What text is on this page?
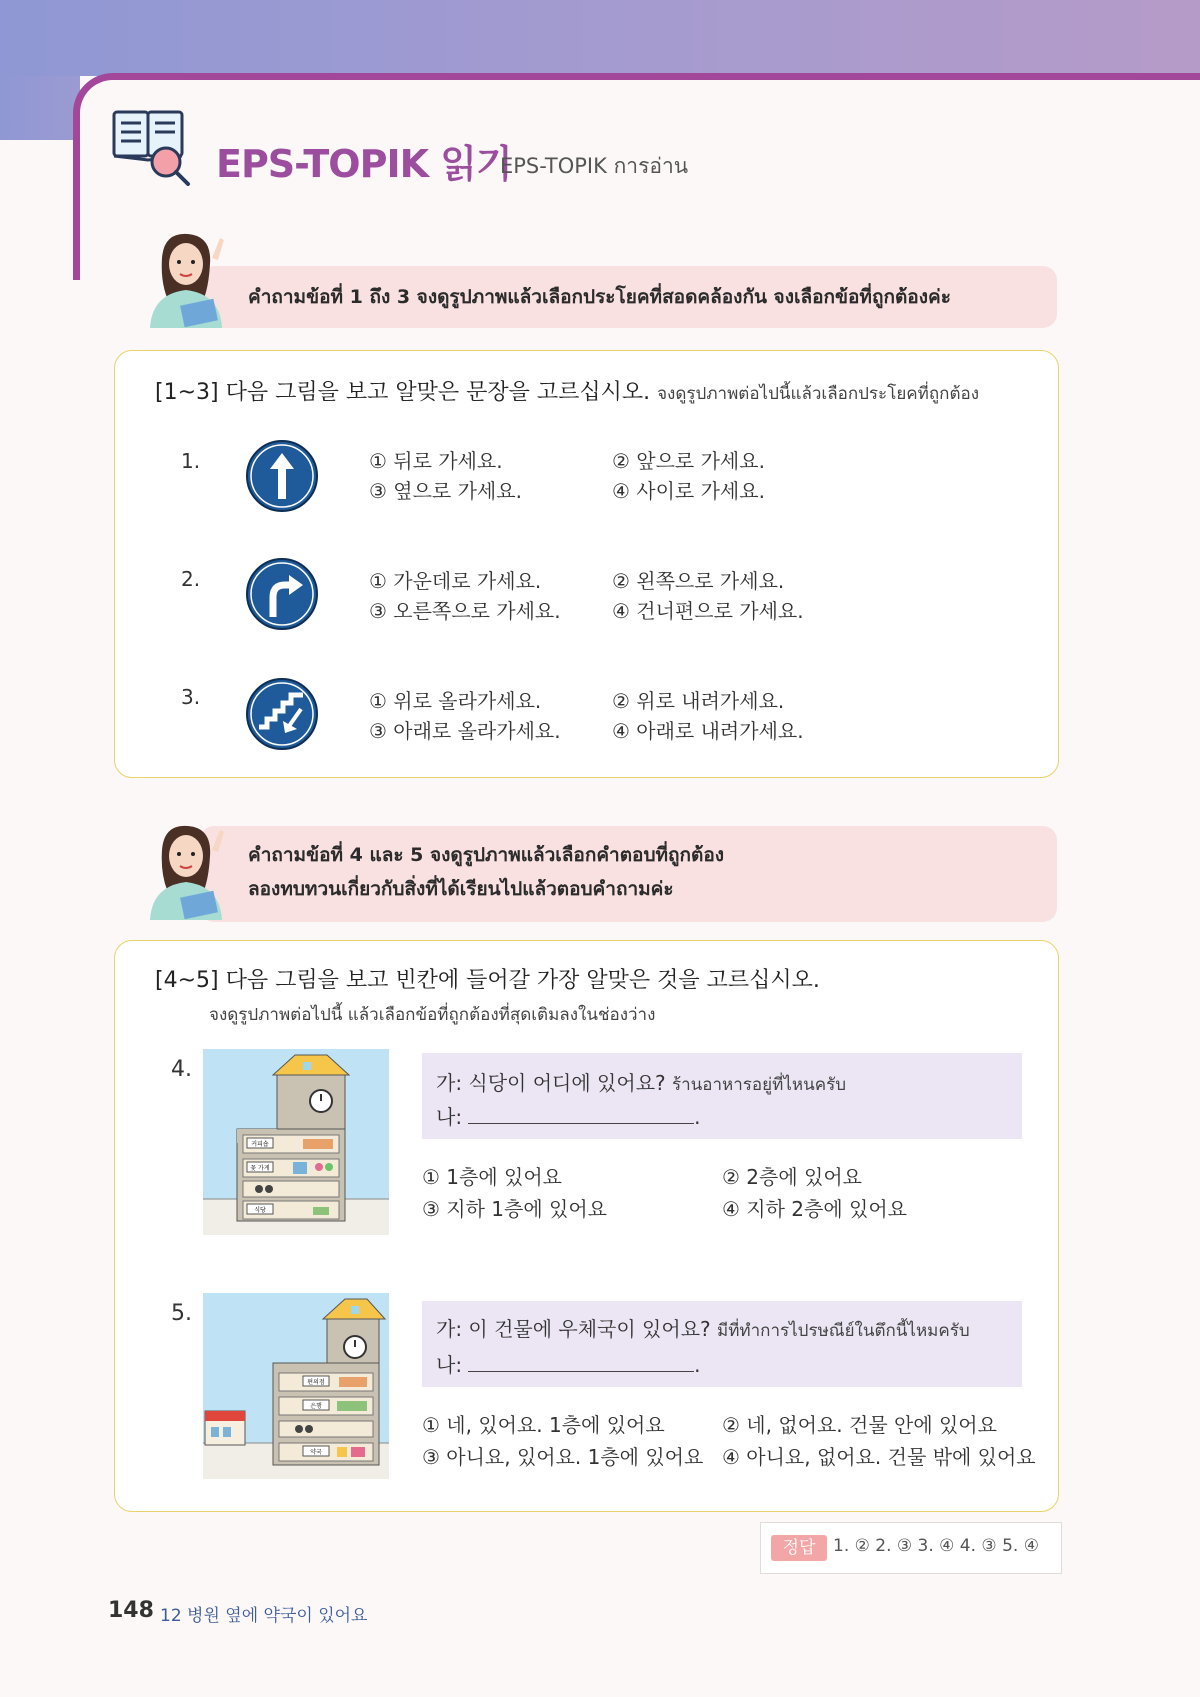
EPS-TOPIK 읽기
EPS-TOPIK การอ่าน
คำถามข้อที่ 1 ถึง 3 จงดูรูปภาพแล้วเลือกประโยคที่สอดคล้องกัน จงเลือกข้อที่ถูกต้องค่ะ
[1~3] 다음 그림을 보고 알맞은 문장을 고르십시오. จงดูรูปภาพต่อไปนี้แล้วเลือกประโยคที่ถูกต้อง
1.	① 뒤로 가세요.	② 앞으로 가세요.
③ 옆으로 가세요.	④ 사이로 가세요.
2.	① 가운데로 가세요.	② 왼쪽으로 가세요.
③ 오른쪽으로 가세요.	④ 건너편으로 가세요.
3.	① 위로 올라가세요.	② 위로 내려가세요.
③ 아래로 올라가세요.	④ 아래로 내려가세요.
คำถามข้อที่ 4 และ 5 จงดูรูปภาพแล้วเลือกคำตอบที่ถูกต้อง
ลองทบทวนเกี่ยวกับสิ่งที่ได้เรียนไปแล้วตอบคำถามค่ะ
[4~5] 다음 그림을 보고 빈칸에 들어갈 가장 알맞은 것을 고르십시오.
จงดูรูปภาพต่อไปนี้ แล้วเลือกข้อที่ถูกต้องที่สุดเติมลงในช่องว่าง
4.
커피숍
꽃 가게
식당
가: 식당이 어디에 있어요? ร้านอาหารอยู่ที่ไหนครับ
나:	.
① 1층에 있어요	② 2층에 있어요
③ 지하 1층에 있어요	④ 지하 2층에 있어요
5.
편의점
은행
약국
가: 이 건물에 우체국이 있어요? มีที่ทำการไปรษณีย์ในตึกนี้ไหมครับ
나:	.
① 네, 있어요. 1층에 있어요	② 네, 없어요. 건물 안에 있어요
③ 아니요, 있어요. 1층에 있어요 ④ 아니요, 없어요. 건물 밖에 있어요
정답	1. ② 2. ③ 3. ④ 4. ③ 5. ④
148 12 병원 옆에 약국이 있어요
